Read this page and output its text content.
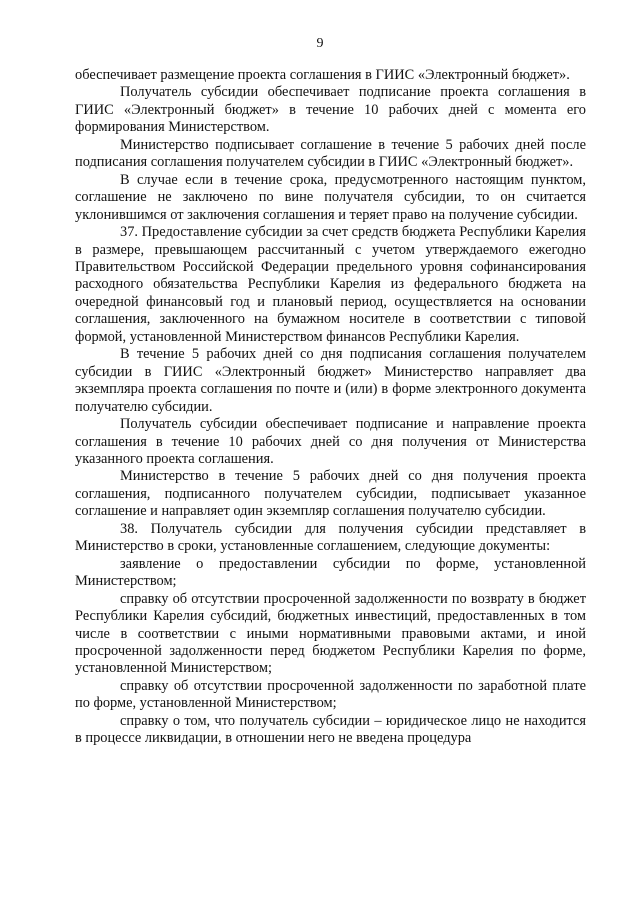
9

обеспечивает размещение проекта соглашения в ГИИС «Электронный бюджет».

Получатель субсидии обеспечивает подписание проекта соглашения в ГИИС «Электронный бюджет» в течение 10 рабочих дней с момента его формирования Министерством.

Министерство подписывает соглашение в течение 5 рабочих дней после подписания соглашения получателем субсидии в ГИИС «Электронный бюджет».

В случае если в течение срока, предусмотренного настоящим пунктом, соглашение не заключено по вине получателя субсидии, то он считается уклонившимся от заключения соглашения и теряет право на получение субсидии.

37. Предоставление субсидии за счет средств бюджета Республики Карелия в размере, превышающем рассчитанный с учетом утверждаемого ежегодно Правительством Российской Федерации предельного уровня софинансирования расходного обязательства Республики Карелия из федерального бюджета на очередной финансовый год и плановый период, осуществляется на основании соглашения, заключенного на бумажном носителе в соответствии с типовой формой, установленной Министерством финансов Республики Карелия.

В течение 5 рабочих дней со дня подписания соглашения получателем субсидии в ГИИС «Электронный бюджет» Министерство направляет два экземпляра проекта соглашения по почте и (или) в форме электронного документа получателю субсидии.

Получатель субсидии обеспечивает подписание и направление проекта соглашения в течение 10 рабочих дней со дня получения от Министерства указанного проекта соглашения.

Министерство в течение 5 рабочих дней со дня получения проекта соглашения, подписанного получателем субсидии, подписывает указанное соглашение и направляет один экземпляр соглашения получателю субсидии.

38. Получатель субсидии для получения субсидии представляет в Министерство в сроки, установленные соглашением, следующие документы:

заявление о предоставлении субсидии по форме, установленной Министерством;

справку об отсутствии просроченной задолженности по возврату в бюджет Республики Карелия субсидий, бюджетных инвестиций, предоставленных в том числе в соответствии с иными нормативными правовыми актами, и иной просроченной задолженности перед бюджетом Республики Карелия по форме, установленной Министерством;

справку об отсутствии просроченной задолженности по заработной плате по форме, установленной Министерством;

справку о том, что получатель субсидии – юридическое лицо не находится в процессе ликвидации, в отношении него не введена процедура
